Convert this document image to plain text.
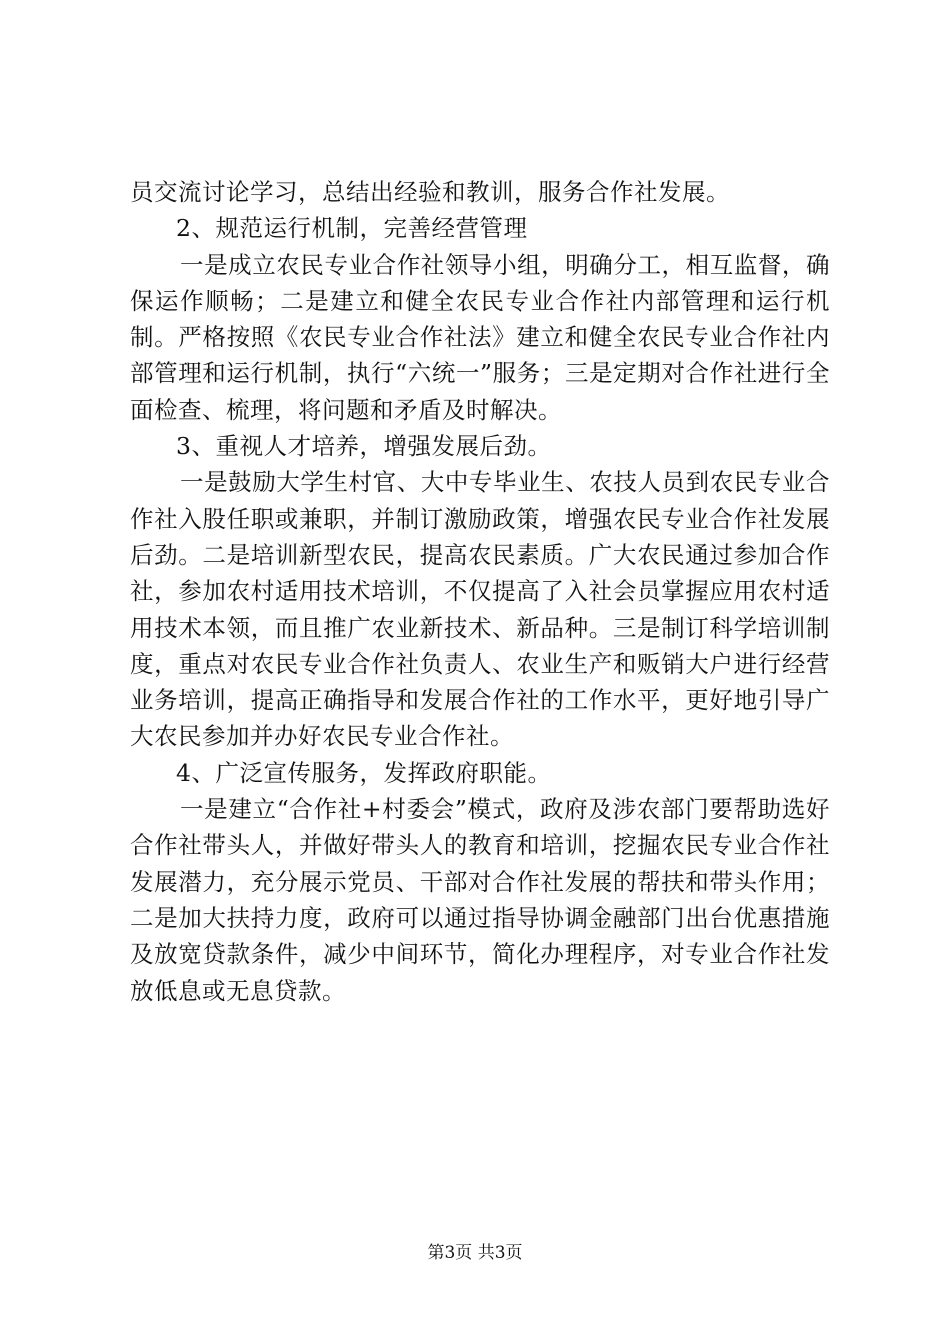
员交流讨论学习，总结出经验和教训，服务合作社发展。

2、规范运行机制，完善经营管理

一是成立农民专业合作社领导小组，明确分工，相互监督，确保运作顺畅；二是建立和健全农民专业合作社内部管理和运行机制。严格按照《农民专业合作社法》建立和健全农民专业合作社内部管理和运行机制，执行“六统一”服务；三是定期对合作社进行全面检查、梳理，将问题和矛盾及时解决。

3、重视人才培养，增强发展后劲。

一是鼓励大学生村官、大中专毕业生、农技人员到农民专业合作社入股任职或兼职，并制订激励政策，增强农民专业合作社发展后劲。二是培训新型农民，提高农民素质。广大农民通过参加合作社，参加农村适用技术培训，不仅提高了入社会员掌握应用农村适用技术本领，而且推广农业新技术、新品种。三是制订科学培训制度，重点对农民专业合作社负责人、农业生产和贩销大户进行经营业务培训，提高正确指导和发展合作社的工作水平，更好地引导广大农民参加并办好农民专业合作社。

4、广泛宣传服务，发挥政府职能。

一是建立“合作社+村委会”模式，政府及涉农部门要帮助选好合作社带头人，并做好带头人的教育和培训，挖掘农民专业合作社发展潜力，充分展示党员、干部对合作社发展的帮扶和带头作用；二是加大扶持力度，政府可以通过指导协调金融部门出台优惠措施及放宽贷款条件，减少中间环节，简化办理程序，对专业合作社发放低息或无息贷款。

第3页 共3页
